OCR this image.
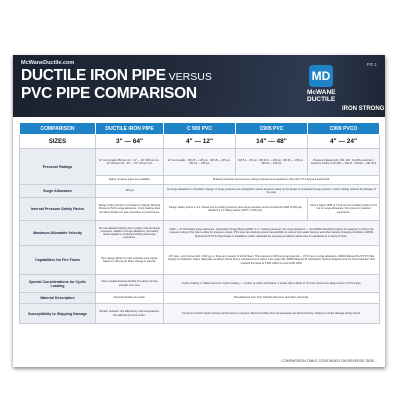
McWaneDuctile.com
DUCTILE IRON PIPE VERSUS
PVC PIPE COMPARISON
PG 1
MD
McWANE
DUCTILE
IRON STRONG
COMPARISON	DUCTILE IRON PIPE	C 900 PVC	C905 PVC	C909 PVCO
SIZES	3" — 64"	4" — 12"	14" — 48"	4" — 24"
Pressure Ratings	12" and smaller 350 psi min · 14" — 20" 250 psi min · 24" 200 psi min · 30" — 64" 150 psi min	12" and smaller · DR 25 — 165 psi · DR 18 — 235 psi · DR 14 — 305 psi	DR 51 — 80 psi · DR 32.5 — 125 psi · DR 25 — 165 psi · DR 18 — 235 psi	Pressure Classes 100, 150, 200 · No DRs used but it would be similar to PC100 — DR 47 · PC200 — DR 23.5
	Higher pressure pipes are available.	Material properties and pressure ratings reduced at temperatures other than 73.4 degrees Fahrenheit.		
Surge Allowance	100 psi	No surge allowance is included in design. If surge pressures are anticipated, reduce pressure rating by the design or anticipated surge pressure. Cyclic loading reduces the lifespan of the pipe.		
Internal Pressure Safety Factor	Design Safety Factor is 2.0 based on Design Working Pressure PLUS surge allowance. Cyclic loading does not affect ductile iron pipe properties or performance.	Design Safety Factor is 2.0. Stress due to working pressure plus surge pressure cannot exceed the HDB (4,000 psi) divided by 2.0 Safety Factor (HDS = 2,000 psi).		Uses a higher HDB of 7,100 psi and a Safety Factor of 2.5 but no surge allowance. Not proven in practical experience.
Maximum Allowable Velocity	No max allowed velocity due to higher internal design pressures, addition of surge allowance, and safety factor applied to combined working and surge pressures.	C900 — 07 eliminated surge allowance. Hydrostatic Design Basis (HDB) / 2.0 = working pressure. No surge allowance — the AWWA Standards require the designer to reduce the pressure rating of the pipe to allow for pressure surges. PVC pipe has relatively poorer susceptibility to rupture from water hammer and other velocity changing conditions. AWWA Manual M-23 'PVC Pipe Design & Installation' states 'adequate for operating conditions where flow is maintained at or below 2 ft/sec'.		
Capabilities for Fire Flows	Pipe design allows for high velocities plus surges based on 100 psi per ft/sec change in velocity.	4-8" pipe - and fruit set with 1,000 g.p.m. flows at a velocity of 16.34 ft/sec. This requires to 518 psi surge potential — PVC has no surge allowance. AWWA Manual M-23 'PVC Pipe Design & Installation' states 'adequate conditions where flow is maintained at or below 2 fps (page 54). AWWA Manual 31 'Distribution System Requirements for Fire Protection' lists required fire flows at 2,500 GPM min and 3,000 GPM.		
Special Considerations for Cyclic Loading	None needed because Ductile Iron does not lose strength over time.	'Cyclic Loading' or 'Water Hammer' Cyclic Loading — number of cycles until failure. A socket with a depth of .01 inch reduces the fatigue factor of PVC pipes.		
Material Description	Recycled ductile iron scrap.	Manufactured from Vinyl Chloride Monomer and other chemicals.		
Susceptibility to Shipping Damage	Scratch resistant. Not affected by cold temperatures. Not affected by truck stroke.	10 percent scratch depth reduces performance to rejection. Becomes brittle when temperatures are below freezing. Subject to stroke damage during transit.		
COMPARISON TABLE CONTINUED ON REVERSE SIDE...
